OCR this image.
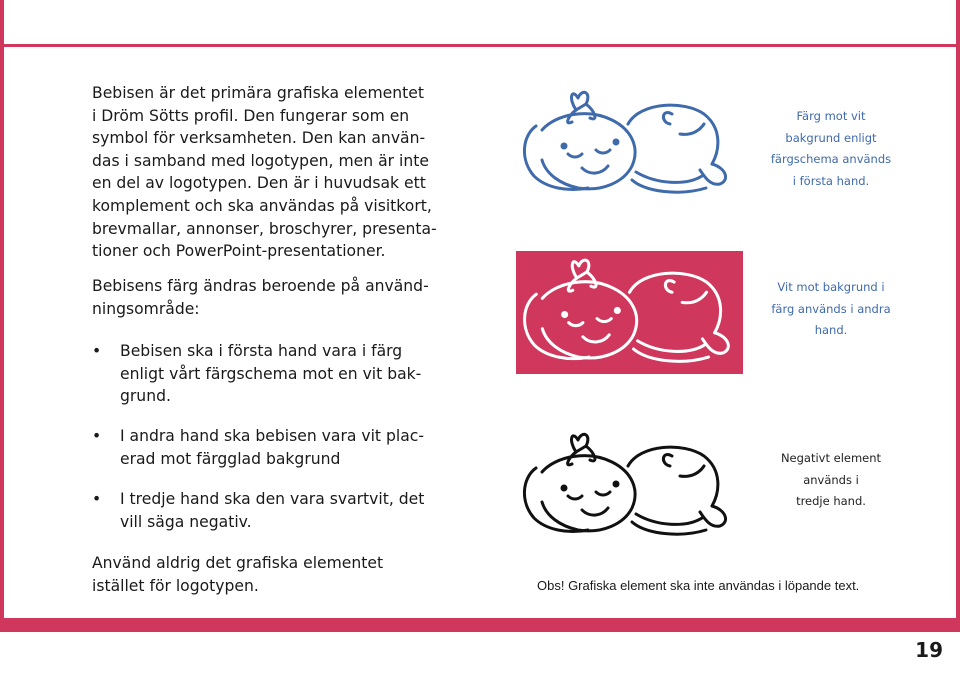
Bebisen är det primära grafiska elementet
i Dröm Sötts profil. Den fungerar som en
symbol för verksamheten. Den kan använ-
das i samband med logotypen, men är inte
en del av logotypen. Den är i huvudsak ett
komplement och ska användas på visitkort,
brevmallar, annonser, broschyrer, presenta-
tioner och PowerPoint-presentationer.

Bebisens färg ändras beroende på använd-
ningsområde:

•	Bebisen ska i första hand vara i färg
enligt vårt färgschema mot en vit bak-
grund.
•	I andra hand ska bebisen vara vit plac-
erad mot färgglad bakgrund
•	I tredje hand ska den vara svartvit, det
vill säga negativ.

Använd aldrig det grafiska elementet
istället för logotypen.

Färg mot vit
bakgrund enligt
färgschema används
i första hand.

Vit mot bakgrund i
färg används i andra
hand.

Negativt element
används i
tredje hand.

Obs! Grafiska element ska inte användas i löpande text.

19
